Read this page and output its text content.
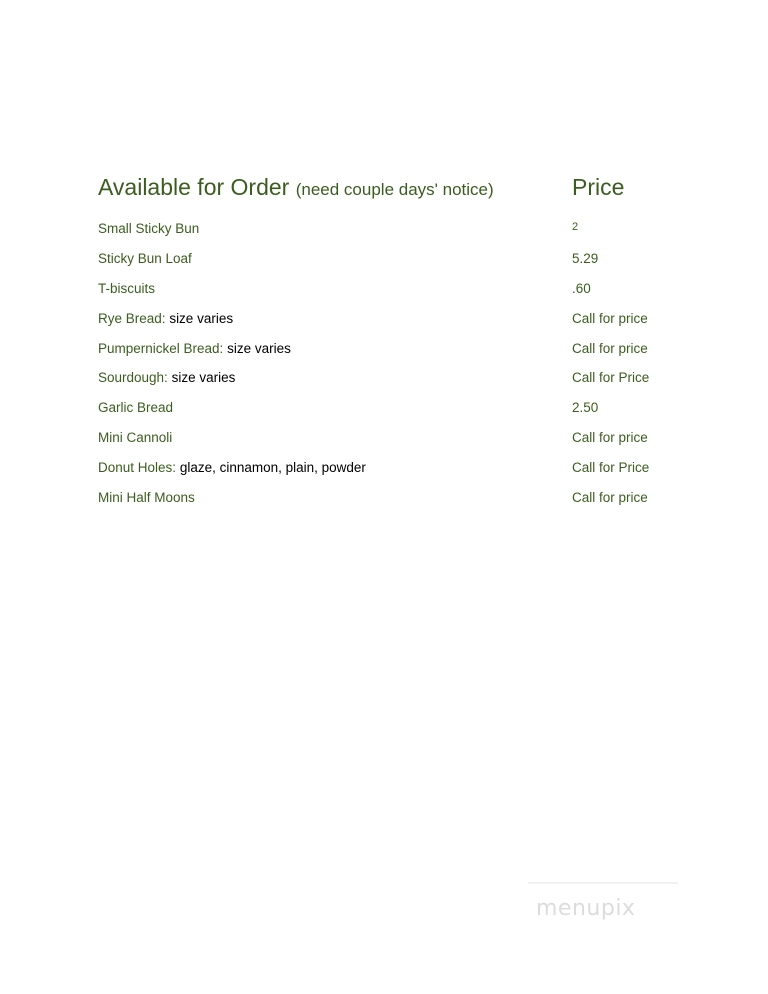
Available for Order (need couple days' notice)	Price
Small Sticky Bun	2
Sticky Bun Loaf	5.29
T-biscuits	.60
Rye Bread: size varies	Call for price
Pumpernickel Bread: size varies	Call for price
Sourdough: size varies	Call for Price
Garlic Bread	2.50
Mini Cannoli	Call for price
Donut Holes: glaze, cinnamon, plain, powder	Call for Price
Mini Half Moons	Call for price
menupix
